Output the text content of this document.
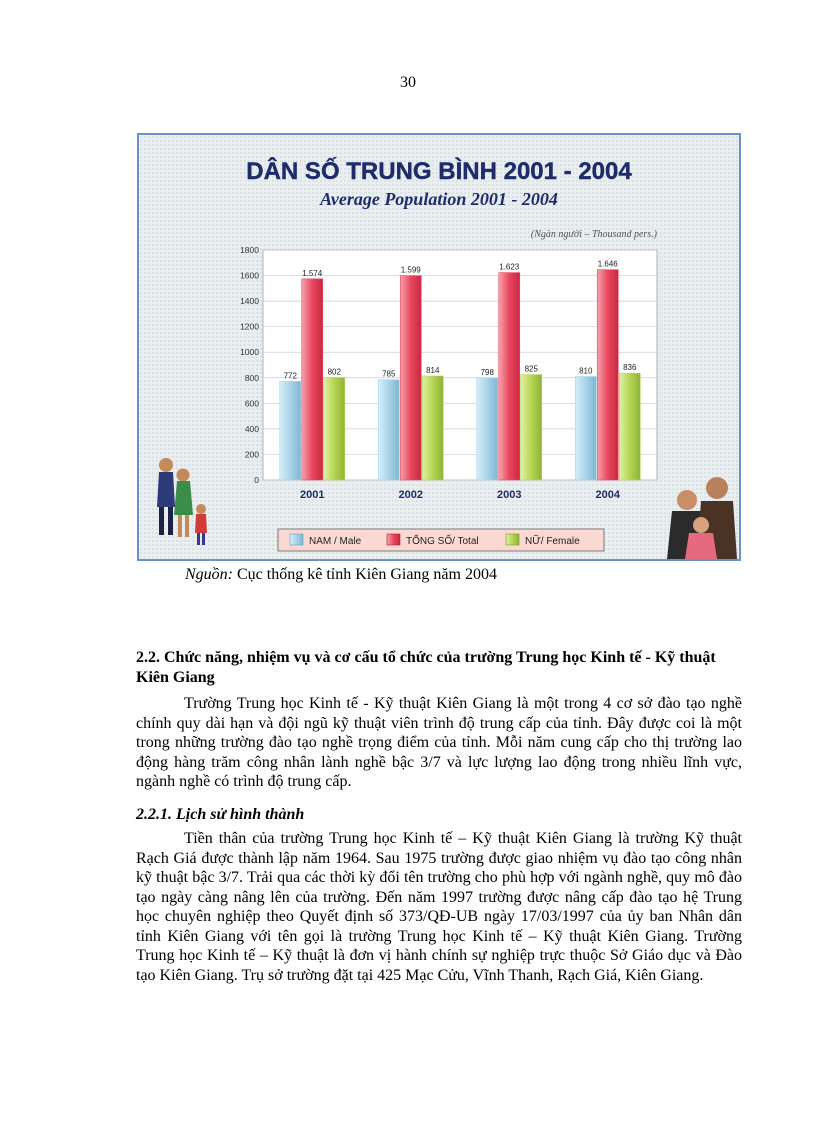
30
DÂN SỐ TRUNG BÌNH 2001 - 2004
Average Population 2001 - 2004
(Ngàn người – Thousand pers.)
0
200
400
600
800
1000
1200
1400
1600
1800
772
1.574
802	785
1.599
814	798
1.623
825	810
1.646
836
2001	2002	2003	2004
NAM / Male	TỔNG SỐ/ Total	NỮ/ Female
Nguồn: Cục thống kê tỉnh Kiên Giang năm 2004
2.2. Chức năng, nhiệm vụ và cơ cấu tổ chức của trường Trung học Kinh tế - Kỹ thuật Kiên Giang
Trường Trung học Kinh tế - Kỹ thuật Kiên Giang là một trong 4 cơ sở đào tạo nghề chính quy dài hạn và đội ngũ kỹ thuật viên trình độ trung cấp của tỉnh. Đây được coi là một trong những trường đào tạo nghề trọng điểm của tỉnh. Mỗi năm cung cấp cho thị trường lao động hàng trăm công nhân lành nghề bậc 3/7 và lực lượng lao động trong nhiều lĩnh vực, ngành nghề có trình độ trung cấp.
2.2.1. Lịch sử hình thành
Tiền thân của trường Trung học Kinh tế – Kỹ thuật Kiên Giang là trường Kỹ thuật Rạch Giá được thành lập năm 1964. Sau 1975 trường được giao nhiệm vụ đào tạo công nhân kỹ thuật bậc 3/7. Trải qua các thời kỳ đổi tên trường cho phù hợp với ngành nghề, quy mô đào tạo ngày càng nâng lên của trường. Đến năm 1997 trường được nâng cấp đào tạo hệ Trung học chuyên nghiệp theo Quyết định số 373/QĐ-UB ngày 17/03/1997 của ủy ban Nhân dân tỉnh Kiên Giang với tên gọi là trường Trung học Kinh tế – Kỹ thuật Kiên Giang. Trường Trung học Kinh tế – Kỹ thuật là đơn vị hành chính sự nghiệp trực thuộc Sở Giáo dục và Đào tạo Kiên Giang. Trụ sở trường đặt tại 425 Mạc Cửu, Vĩnh Thanh, Rạch Giá, Kiên Giang.
